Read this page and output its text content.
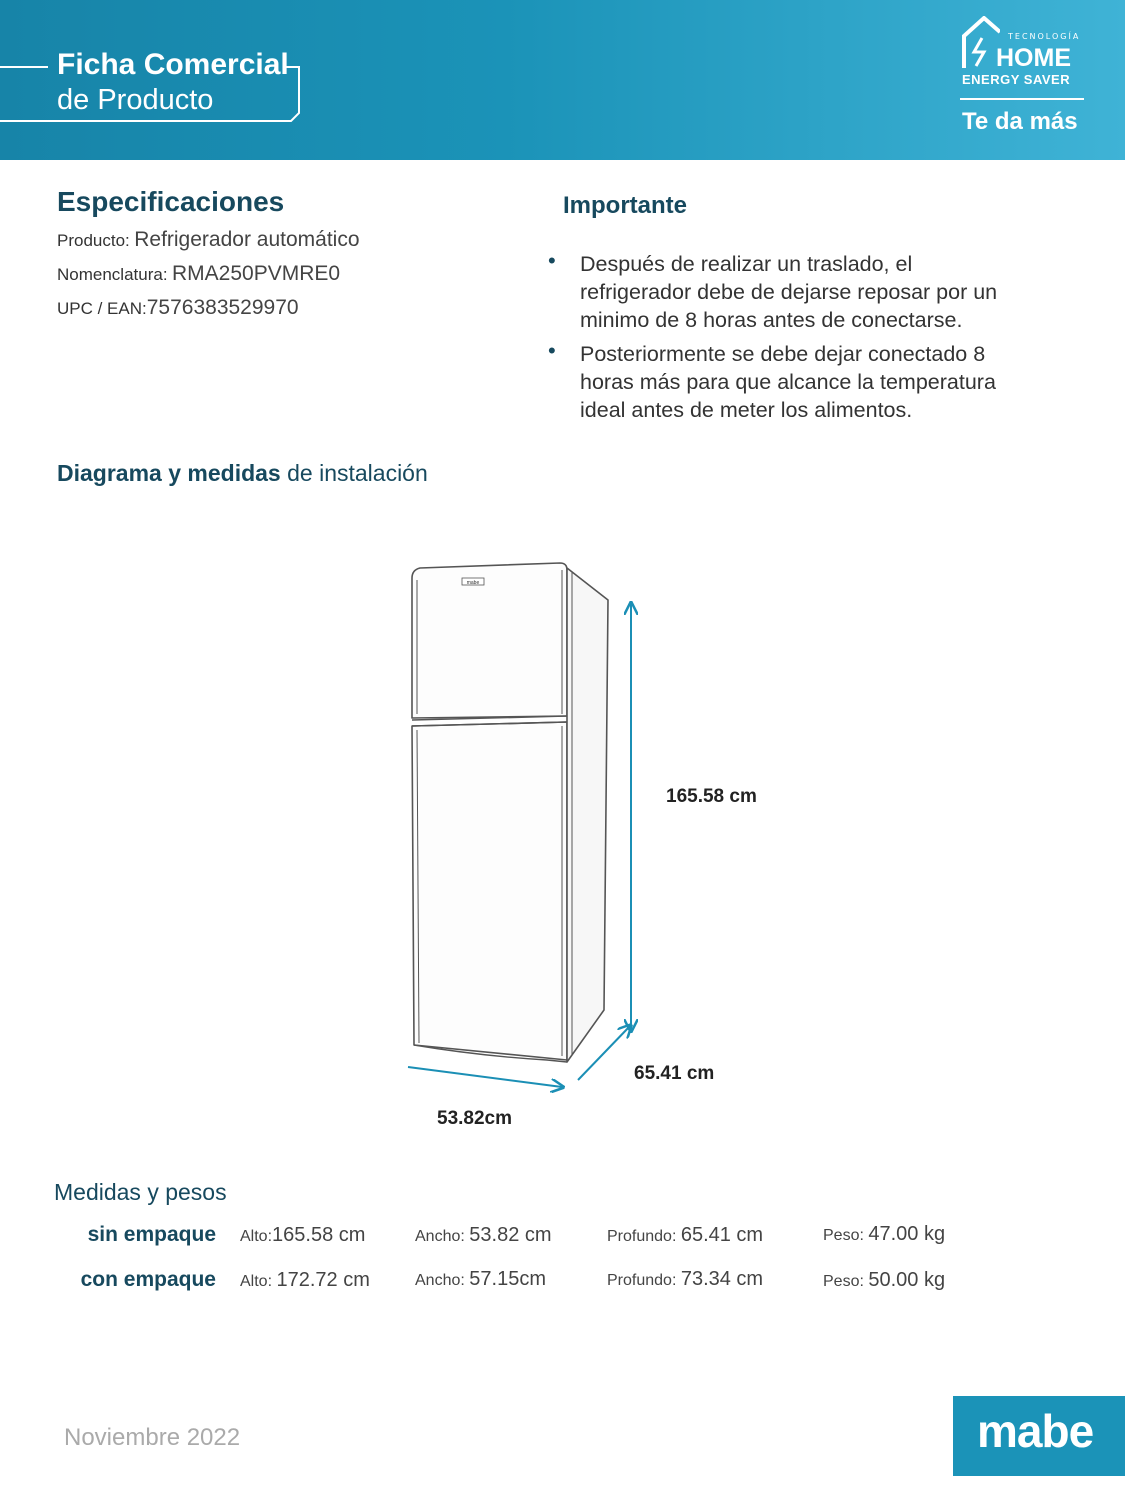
Ficha Comercial
de Producto
TECNOLOGÍA
HOME
ENERGY SAVER
Te da más
Especificaciones
Producto: Refrigerador automático
Nomenclatura: RMA250PVMRE0
UPC / EAN:7576383529970
Importante
• Después de realizar un traslado, el refrigerador debe de dejarse reposar por un minimo de 8 horas antes de conectarse.
• Posteriormente se debe dejar conectado 8 horas más para que alcance la temperatura ideal antes de meter los alimentos.
Diagrama y medidas de instalación
mabe
165.58 cm
65.41 cm
53.82cm
Medidas y pesos
sin empaque Alto:165.58 cm	Ancho: 53.82 cm	Profundo: 65.41 cm	Peso: 47.00 kg
con empaque Alto: 172.72 cm	Ancho: 57.15cm	Profundo: 73.34 cm	Peso: 50.00 kg
Noviembre 2022	mabe
